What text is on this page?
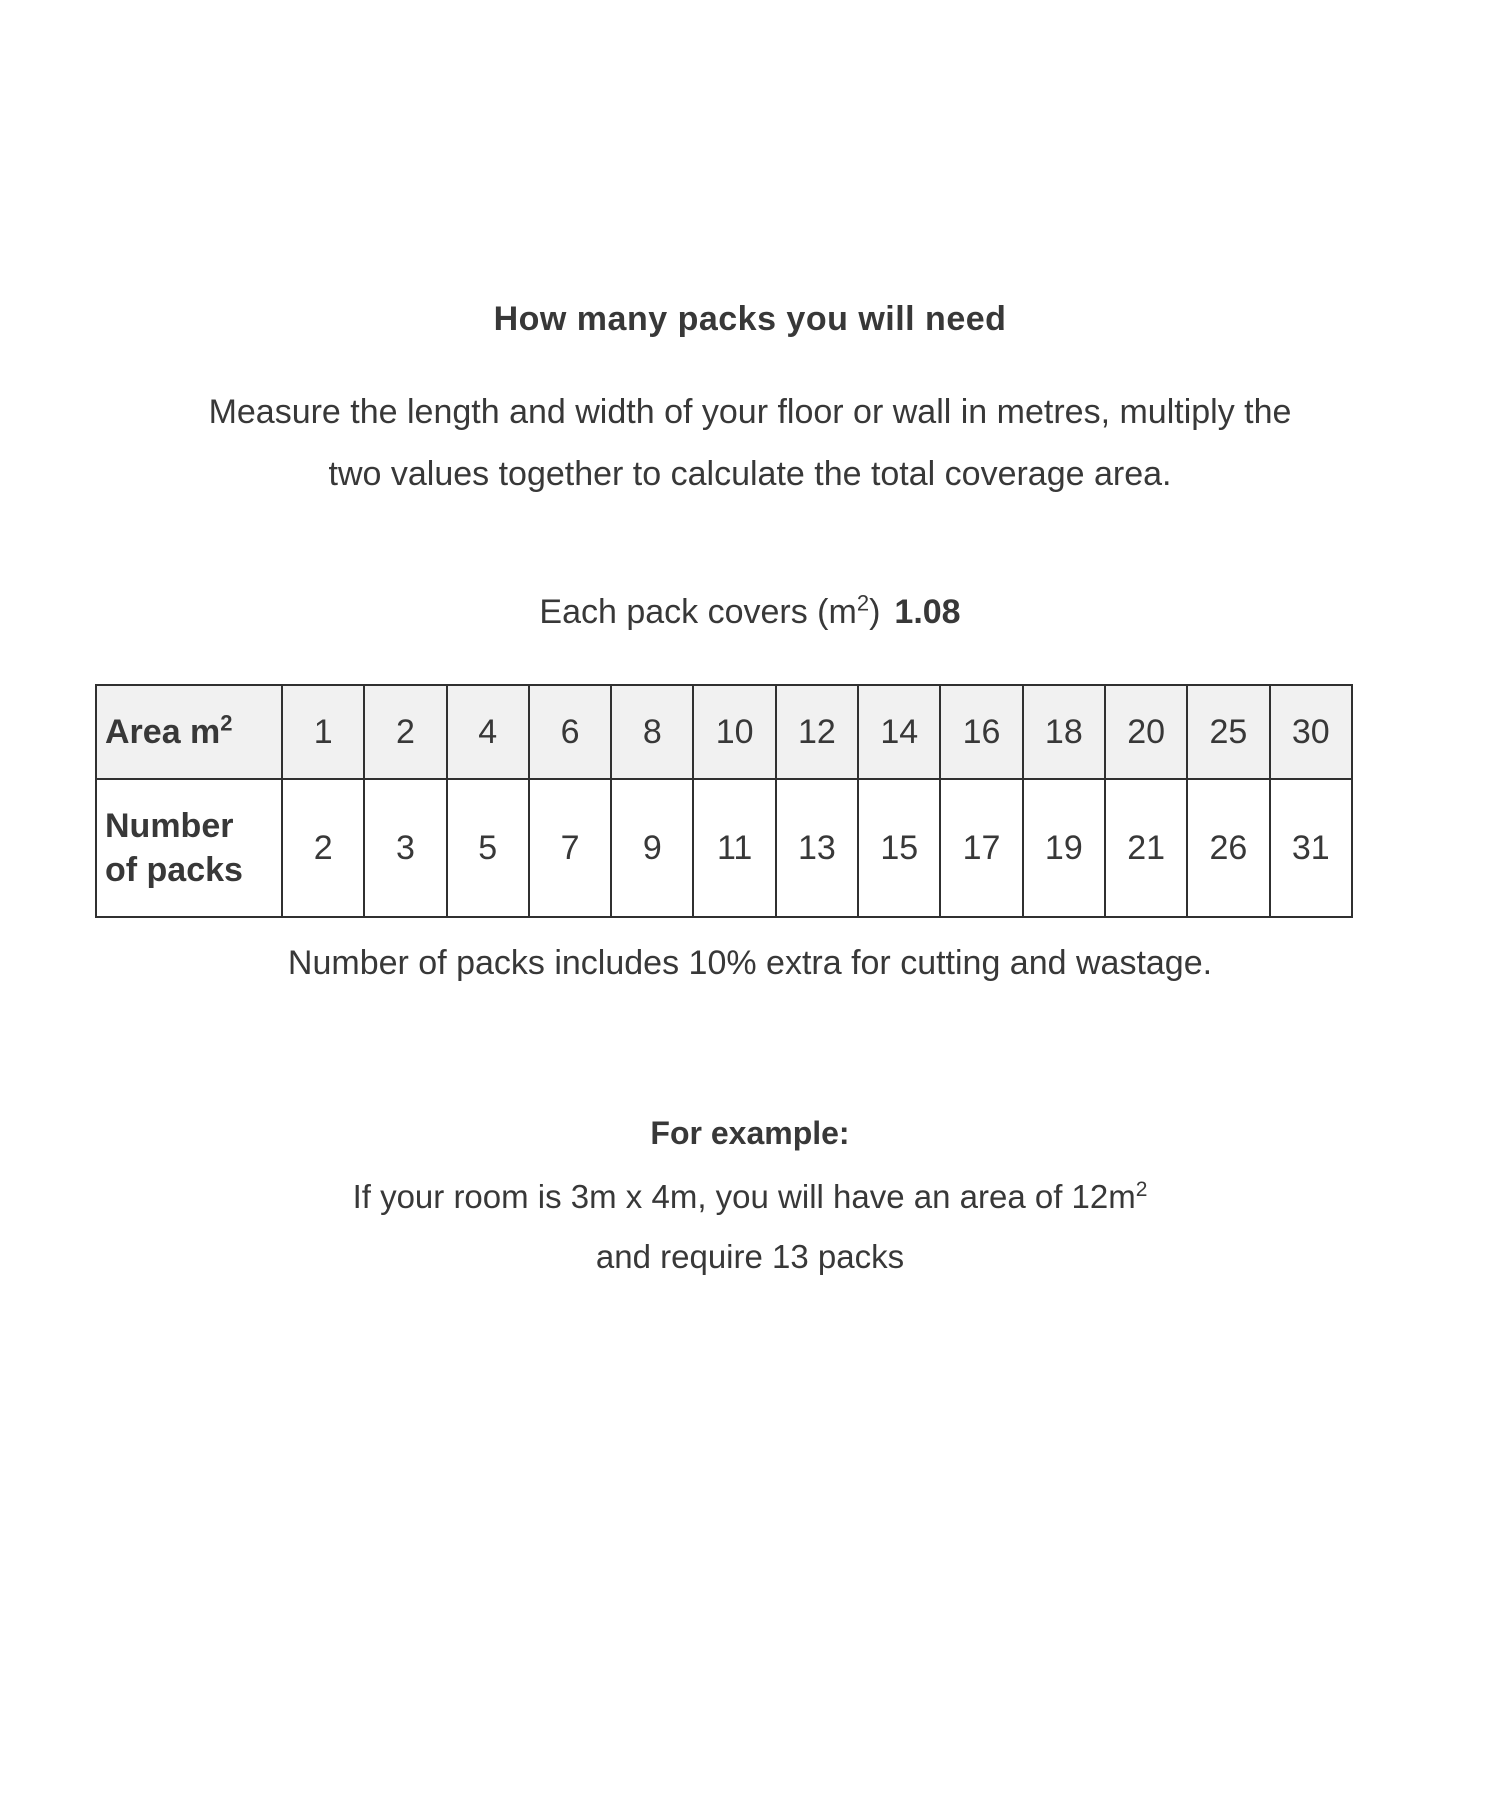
How many packs you will need
Measure the length and width of your floor or wall in metres, multiply the
two values together to calculate the total coverage area.
Each pack covers $(m^2)$ 1.08
Area $m^2$	1	2	4	6	8	10	12	14	16	18	20	25	30

Number
of packs	2	3	5	7	9	11	13	15	17	19	21	26	31
Number of packs includes 10% extra for cutting and wastage.
For example:
If your room is 3m x 4m, you will have an area of $12m^2$
and require 13 packs
